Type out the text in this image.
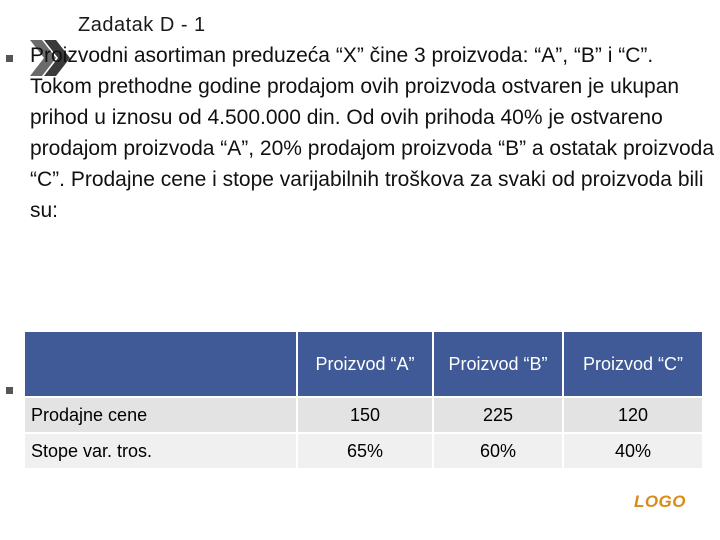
Zadatak D - 1
Proizvodni asortiman preduzeća “X” čine 3 proizvoda: “A”, “B” i “C”. Tokom prethodne godine prodajom ovih proizvoda ostvaren je ukupan prihod u iznosu od 4.500.000 din. Od ovih prihoda 40% je ostvareno prodajom proizvoda “A”, 20% prodajom proizvoda “B” a ostatak proizvoda “C”. Prodajne cene i stope varijabilnih troškova za svaki od proizvoda bili su:
	Proizvod “A”	Proizvod “B”	Proizvod “C”
Prodajne cene	150	225	120
Stope var. tros.	65%	60%	40%
LOGO
